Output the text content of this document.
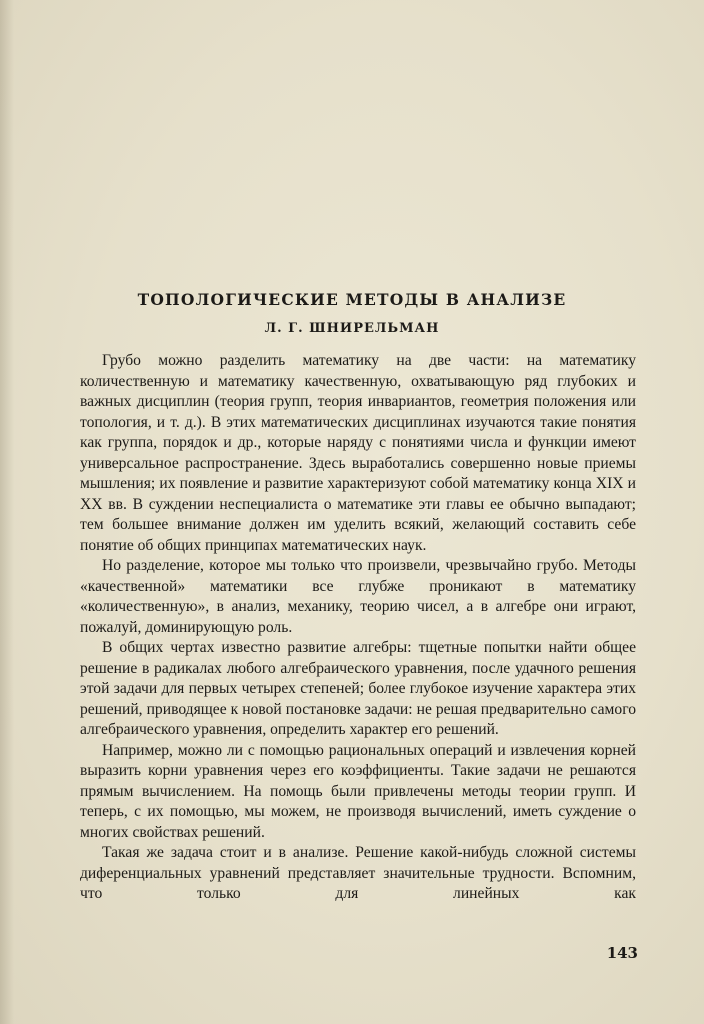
ТОПОЛОГИЧЕСКИЕ МЕТОДЫ В АНАЛИЗЕ
Л. Г. ШНИРЕЛЬМАН

Грубо можно разделить математику на две части: на математику количественную и математику качественную, охватывающую ряд глубоких и важных дисциплин (теория групп, теория инвариантов, геометрия положения или топология, и т. д.). В этих математических дисциплинах изучаются такие понятия как группа, порядок и др., которые наряду с понятиями числа и функции имеют универсальное распространение. Здесь выработались совершенно новые приемы мышления; их появление и развитие характеризуют собой математику конца XIX и XX вв. В суждении неспециалиста о математике эти главы ее обычно выпадают; тем большее внимание должен им уделить всякий, желающий составить себе понятие об общих принципах математических наук.

Но разделение, которое мы только что произвели, чрезвычайно грубо. Методы «качественной» математики все глубже проникают в математику «количественную», в анализ, механику, теорию чисел, а в алгебре они играют, пожалуй, доминирующую роль.

В общих чертах известно развитие алгебры: тщетные попытки найти общее решение в радикалах любого алгебраического уравнения, после удачного решения этой задачи для первых четырех степеней; более глубокое изучение характера этих решений, приводящее к новой постановке задачи: не решая предварительно самого алгебраического уравнения, определить характер его решений.

Например, можно ли с помощью рациональных операций и извлечения корней выразить корни уравнения через его коэффициенты. Такие задачи не решаются прямым вычислением. На помощь были привлечены методы теории групп. И теперь, с их помощью, мы можем, не производя вычислений, иметь суждение о многих свойствах решений.

Такая же задача стоит и в анализе. Решение какой-нибудь сложной системы диференциальных уравнений представляет значительные трудности. Вспомним, что только для линейных как

143
